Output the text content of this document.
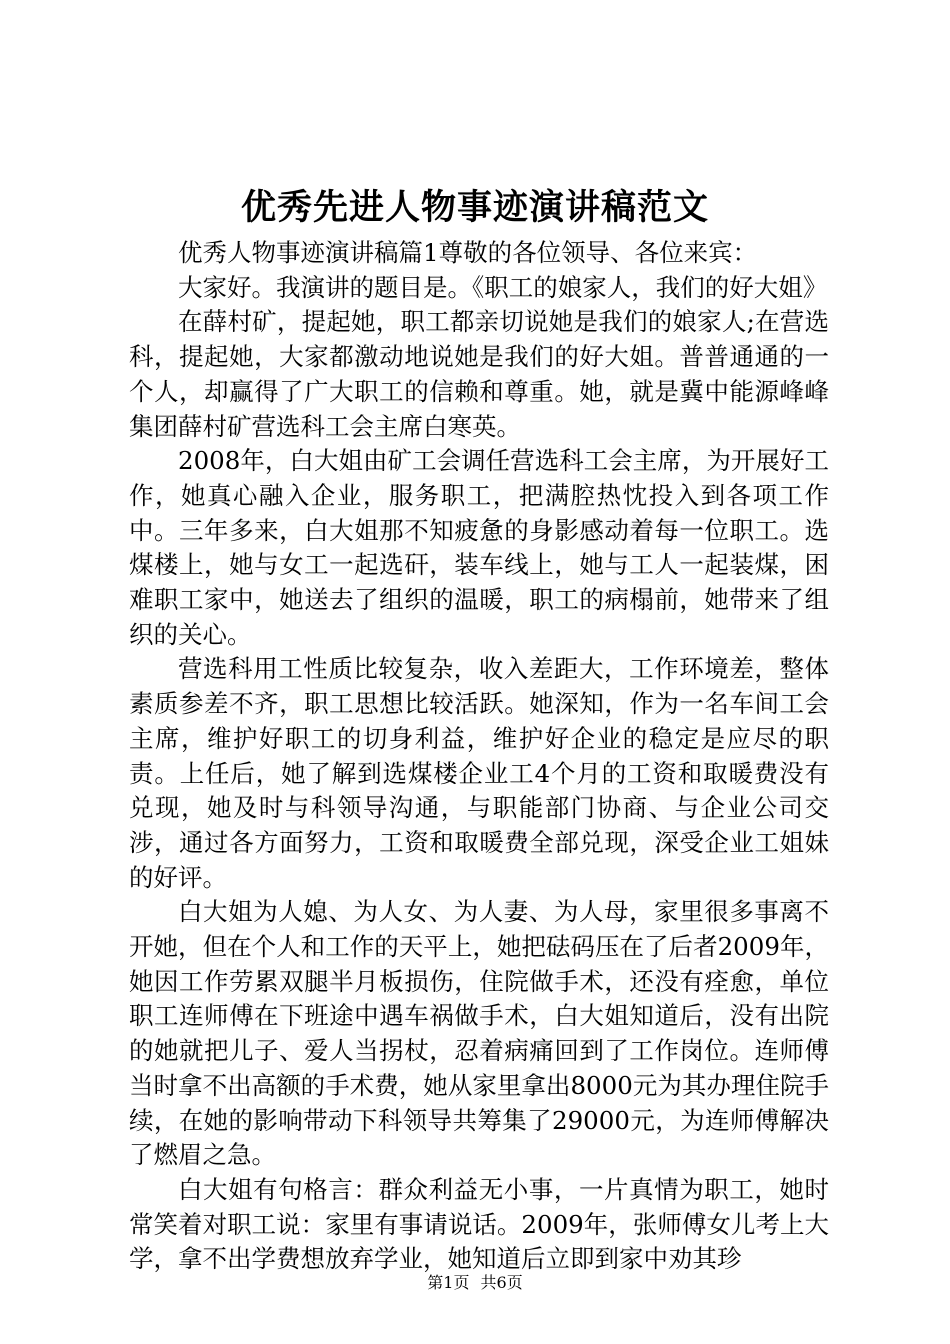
优秀先进人物事迹演讲稿范文

优秀人物事迹演讲稿篇1尊敬的各位领导、各位来宾：

大家好。我演讲的题目是。《职工的娘家人，我们的好大姐》

在薛村矿，提起她，职工都亲切说她是我们的娘家人;在营选科，提起她，大家都激动地说她是我们的好大姐。普普通通的一个人，却赢得了广大职工的信赖和尊重。她，就是冀中能源峰峰集团薛村矿营选科工会主席白寒英。

2008年，白大姐由矿工会调任营选科工会主席，为开展好工作，她真心融入企业，服务职工，把满腔热忱投入到各项工作中。三年多来，白大姐那不知疲惫的身影感动着每一位职工。选煤楼上，她与女工一起选矸，装车线上，她与工人一起装煤，困难职工家中，她送去了组织的温暖，职工的病榻前，她带来了组织的关心。

营选科用工性质比较复杂，收入差距大，工作环境差，整体素质参差不齐，职工思想比较活跃。她深知，作为一名车间工会主席，维护好职工的切身利益，维护好企业的稳定是应尽的职责。上任后，她了解到选煤楼企业工4个月的工资和取暖费没有兑现，她及时与科领导沟通，与职能部门协商、与企业公司交涉，通过各方面努力，工资和取暖费全部兑现，深受企业工姐妹的好评。

白大姐为人媳、为人女、为人妻、为人母，家里很多事离不开她，但在个人和工作的天平上，她把砝码压在了后者2009年，她因工作劳累双腿半月板损伤，住院做手术，还没有痊愈，单位职工连师傅在下班途中遇车祸做手术，白大姐知道后，没有出院的她就把儿子、爱人当拐杖，忍着病痛回到了工作岗位。连师傅当时拿不出高额的手术费，她从家里拿出8000元为其办理住院手续，在她的影响带动下科领导共筹集了29000元，为连师傅解决了燃眉之急。

白大姐有句格言：群众利益无小事，一片真情为职工，她时常笑着对职工说：家里有事请说话。2009年，张师傅女儿考上大学，拿不出学费想放弃学业，她知道后立即到家中劝其珍

第1页 共6页
